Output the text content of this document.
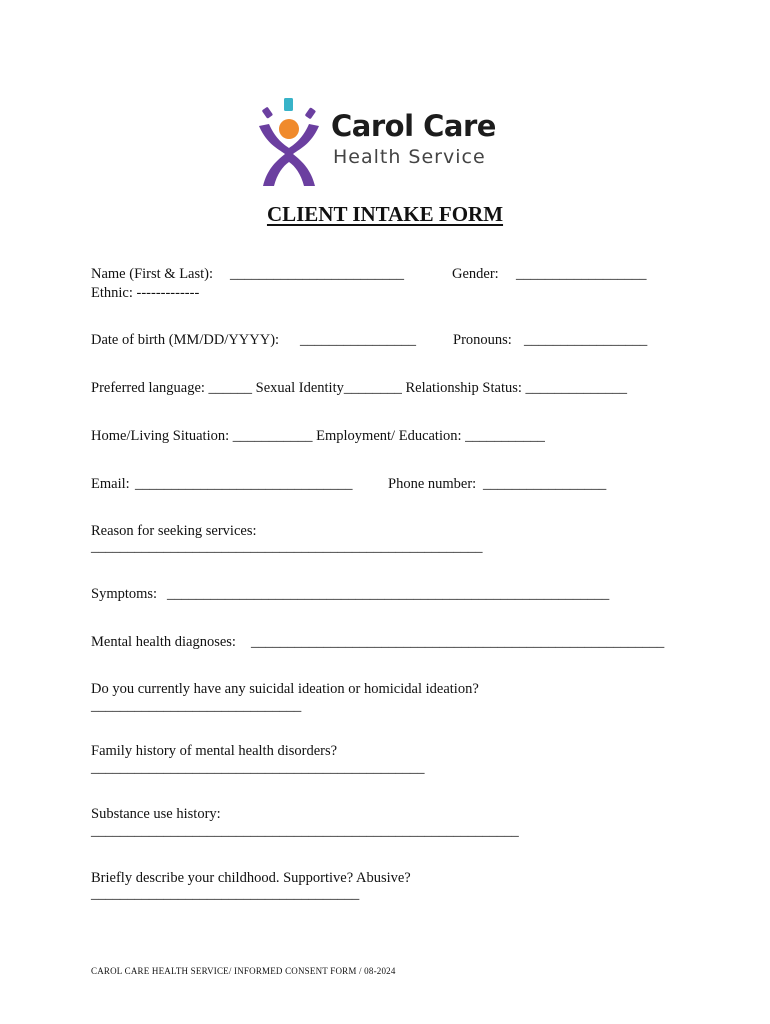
Carol Care
Health Service
CLIENT INTAKE FORM
Name (First & Last): ________________________	Gender: __________________
Ethnic: -------------
Date of birth (MM/DD/YYYY): ________________	Pronouns: _________________
Preferred language: ______ Sexual Identity________ Relationship Status: ______________
Home/Living Situation: ___________ Employment/ Education: ___________
Email: ______________________________ Phone number: _________________
Reason for seeking services:
______________________________________________________
Symptoms: _____________________________________________________________
Mental health diagnoses: _________________________________________________________
Do you currently have any suicidal ideation or homicidal ideation?
_____________________________
Family history of mental health disorders?
______________________________________________
Substance use history:
___________________________________________________________
Briefly describe your childhood. Supportive? Abusive?
_____________________________________
CAROL CARE HEALTH SERVICE/ INFORMED CONSENT FORM / 08-2024
